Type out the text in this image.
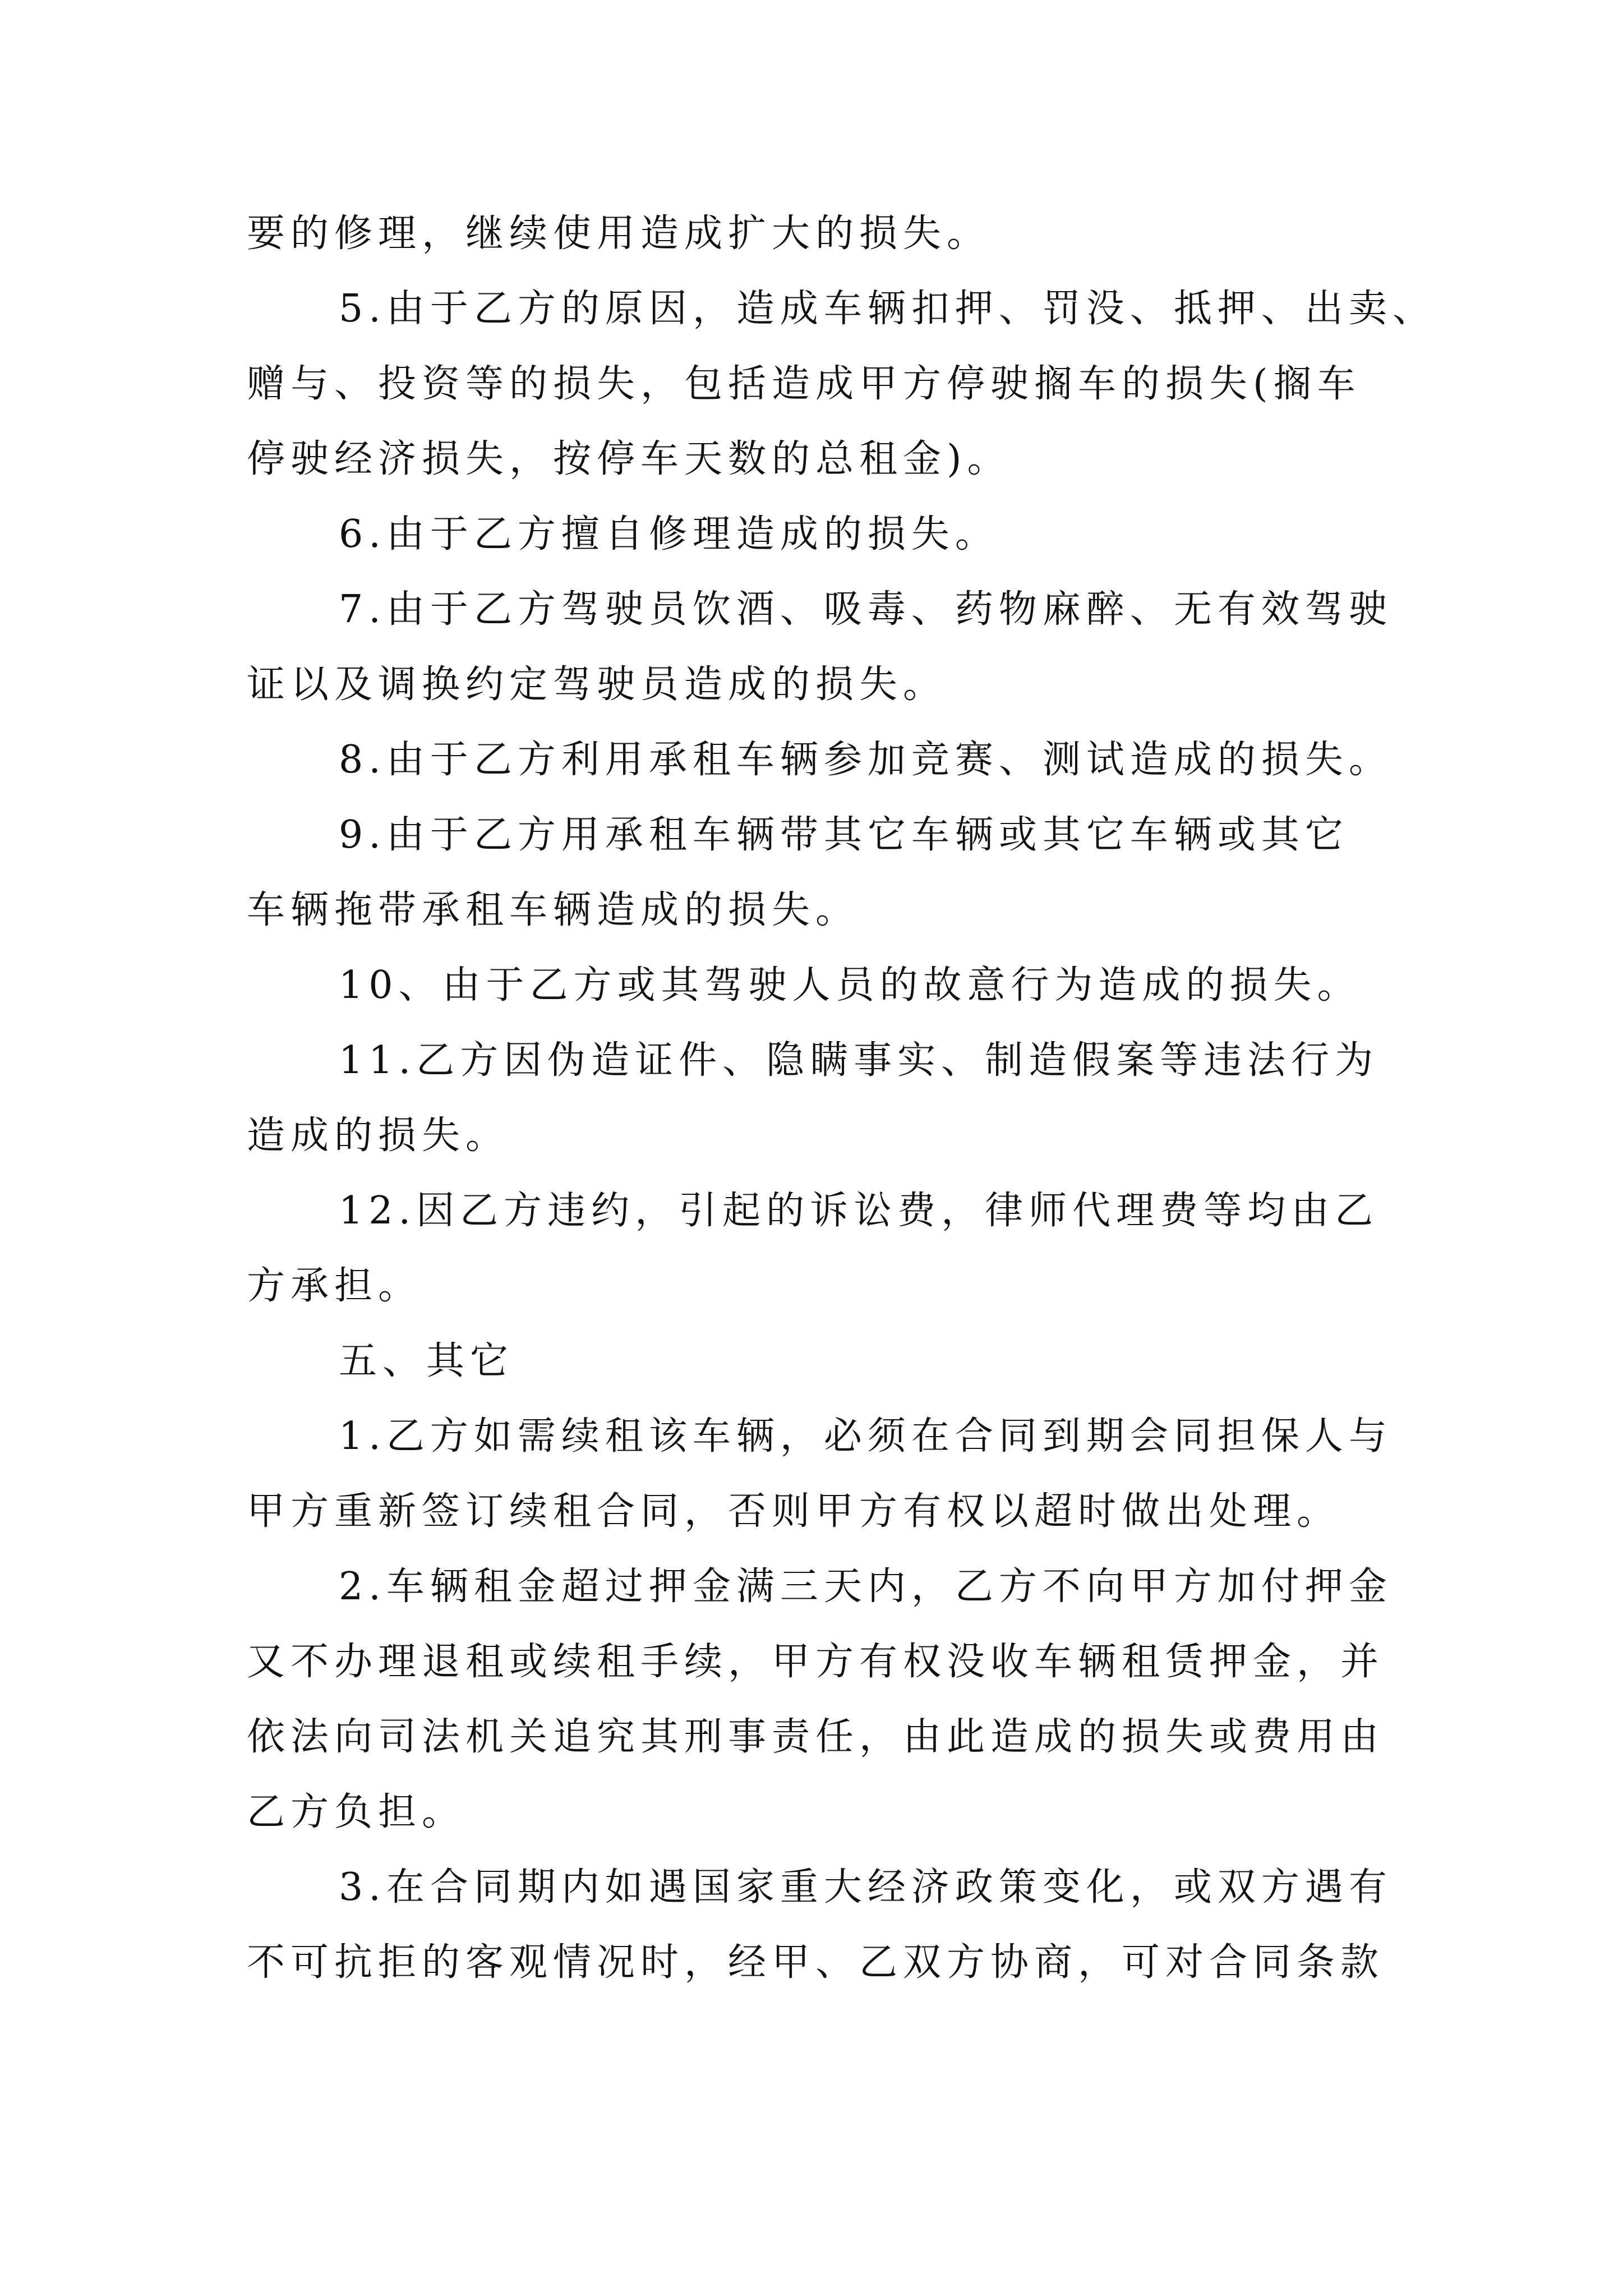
要的修理，继续使用造成扩大的损失。
5.由于乙方的原因，造成车辆扣押、罚没、抵押、出卖、
赠与、投资等的损失，包括造成甲方停驶搁车的损失(搁车
停驶经济损失，按停车天数的总租金)。
6.由于乙方擅自修理造成的损失。
7.由于乙方驾驶员饮酒、吸毒、药物麻醉、无有效驾驶
证以及调换约定驾驶员造成的损失。
8.由于乙方利用承租车辆参加竞赛、测试造成的损失。
9.由于乙方用承租车辆带其它车辆或其它车辆或其它
车辆拖带承租车辆造成的损失。
10、由于乙方或其驾驶人员的故意行为造成的损失。
11.乙方因伪造证件、隐瞒事实、制造假案等违法行为
造成的损失。
12.因乙方违约，引起的诉讼费，律师代理费等均由乙
方承担。
五、其它
1.乙方如需续租该车辆，必须在合同到期会同担保人与
甲方重新签订续租合同，否则甲方有权以超时做出处理。
2.车辆租金超过押金满三天内，乙方不向甲方加付押金
又不办理退租或续租手续，甲方有权没收车辆租赁押金，并
依法向司法机关追究其刑事责任，由此造成的损失或费用由
乙方负担。
3.在合同期内如遇国家重大经济政策变化，或双方遇有
不可抗拒的客观情况时，经甲、乙双方协商，可对合同条款
